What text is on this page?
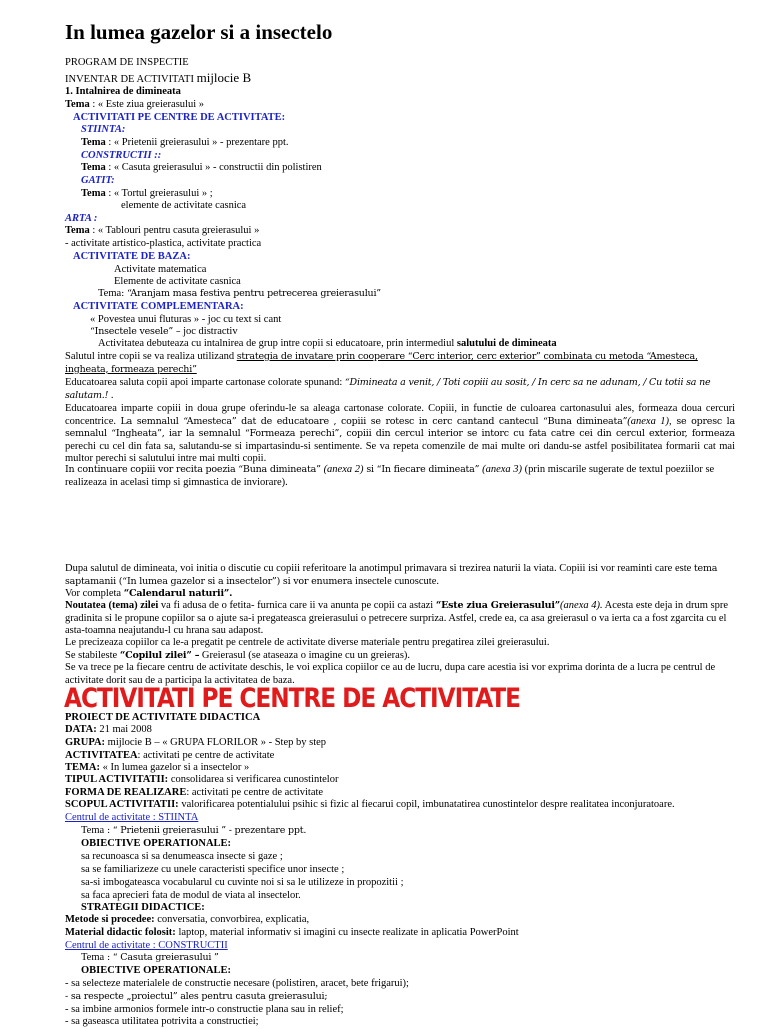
In lumea gazelor si a insectelo
PROGRAM DE INSPECTIE
INVENTAR DE ACTIVITATI mijlocie B
1. Intalnirea de dimineata
Tema : « Este ziua greierasului »
ACTIVITATI PE CENTRE DE ACTIVITATE:
STIINTA:
Tema : « Prietenii greierasului » - prezentare ppt.
CONSTRUCTII ::
Tema : « Casuta greierasului » - constructii din polistiren
GATIT:
Tema : « Tortul greierasului » ;
elemente de activitate casnica
ARTA :
Tema : « Tablouri pentru casuta greierasului »
- activitate artistico-plastica, activitate practica
ACTIVITATE DE BAZA:
Activitate matematica
Elemente de activitate casnica
Tema: “Aranjam masa festiva pentru petrecerea greierasului”
ACTIVITATE COMPLEMENTARA:
« Povestea unui fluturas » - joc cu text si cant
“Insectele vesele” – joc distractiv
Activitatea debuteaza cu intalnirea de grup intre copii si educatoare, prin intermediul salutului de dimineata
Salutul intre copii se va realiza utilizand strategia de invatare prin cooperare “Cerc interior, cerc exterior” combinata cu metoda “Amesteca, ingheata, formeaza perechi”
Educatoarea saluta copii apoi imparte cartonase colorate spunand: “Dimineata a venit, / Toti copiii au sosit, / In cerc sa ne adunam, / Cu totii sa ne salutam.! .
Educatoarea imparte copiii in doua grupe oferindu-le sa aleaga cartonase colorate. Copiii, in functie de culoarea cartonasului ales, formeaza doua cercuri concentrice. La semnalul “Amesteca” dat de educatoare , copiii se rotesc in cerc cantand cantecul “Buna dimineata”(anexa 1), se opresc la semnalul “Ingheata”, iar la semnalul “Formeaza perechi”, copiii din cercul interior se intorc cu fata catre cei din cercul exterior, formeaza perechi cu cel din fata sa, salutandu-se si impartasindu-si sentimente. Se va repeta comenzile de mai multe ori dandu-se astfel posibilitatea formarii cat mai multor perechi si salutului intre mai multi copii.
In continuare copiii vor recita poezia “Buna dimineata” (anexa 2) si “In fiecare dimineata” (anexa 3) (prin miscarile sugerate de textul poeziilor se realizeaza in acelasi timp si gimnastica de inviorare).
Dupa salutul de dimineata, voi initia o discutie cu copiii referitoare la anotimpul primavara si trezirea naturii la viata. Copiii isi vor reaminti care este tema saptamanii (“In lumea gazelor si a insectelor”) si vor enumera insectele cunoscute.
Vor completa “Calendarul naturii”.
Noutatea (tema) zilei va fi adusa de o fetita- furnica care ii va anunta pe copii ca astazi “Este ziua Greierasului”(anexa 4). Acesta este deja in drum spre gradinita si le propune copiilor sa o ajute sa-i pregateasca greierasului o petrecere surpriza. Astfel, crede ea, ca asa greierasul o va ierta ca a fost zgarcita cu el asta-toamna neajutandu-l cu hrana sau adapost.
Le precizeaza copiilor ca le-a pregatit pe centrele de activitate diverse materiale pentru pregatirea zilei greierasului.
Se stabileste “Copilul zilei” – Greierasul (se ataseaza o imagine cu un greieras).
Se va trece pe la fiecare centru de activitate deschis, le voi explica copiilor ce au de lucru, dupa care acestia isi vor exprima dorinta de a lucra pe centrul de activitate dorit sau de a participa la activitatea de baza.
ACTIVITATI PE CENTRE DE ACTIVITATE
PROIECT DE ACTIVITATE DIDACTICA
DATA: 21 mai 2008
GRUPA: mijlocie B – « GRUPA FLORILOR » - Step by step
ACTIVITATEA: activitati pe centre de activitate
TEMA: « In lumea gazelor si a insectelor »
TIPUL ACTIVITATII: consolidarea si verificarea cunostintelor
FORMA DE REALIZARE: activitati pe centre de activitate
SCOPUL ACTIVITATII: valorificarea potentialului psihic si fizic al fiecarui copil, imbunatatirea cunostintelor despre realitatea inconjuratoare.
Centrul de activitate : STIINTA
Tema : “ Prietenii greierasului ” - prezentare ppt.
OBIECTIVE OPERATIONALE:
sa recunoasca si sa denumeasca insecte si gaze ;
sa se familiarizeze cu unele caracteristi specifice unor insecte ;
sa-si imbogateasca vocabularul cu cuvinte noi si sa le utilizeze in propozitii ;
sa faca aprecieri fata de modul de viata al insectelor.
STRATEGII DIDACTICE:
Metode si procedee: conversatia, convorbirea, explicatia,
Material didactic folosit: laptop, material informativ si imagini cu insecte realizate in aplicatia PowerPoint
Centrul de activitate : CONSTRUCTII
Tema : “ Casuta greierasului ”
OBIECTIVE OPERATIONALE:
- sa selecteze materialele de constructie necesare (polistiren, aracet, bete frigarui);
- sa respecte „proiectul” ales pentru casuta greierasului;
- sa imbine armonios formele intr-o constructie plana sau in relief;
- sa gaseasca utilitatea potrivita a constructiei;
